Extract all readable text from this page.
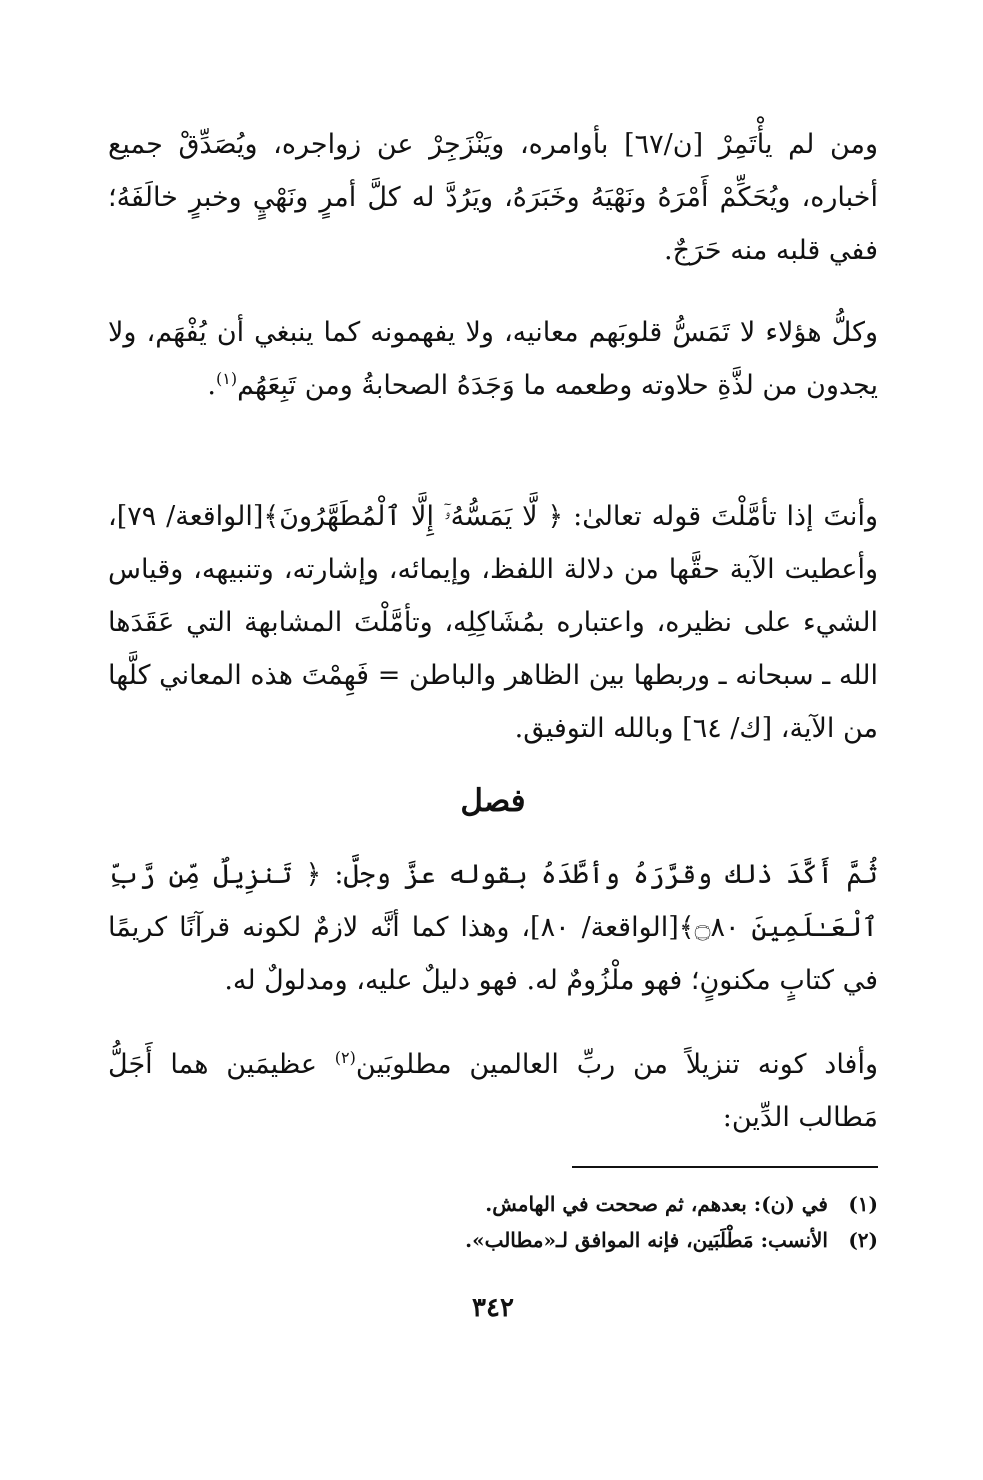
ومن لم يأْتَمِرْ [ن/٦٧] بأوامره، ويَنْزَجِرْ عن زواجره، ويُصَدِّقْ جميع أخباره، ويُحَكِّمْ أَمْرَهُ ونَهْيَهُ وخَبَرَهُ، ويَرُدَّ له كلَّ أمرٍ ونَهْيٍ وخبرٍ خالَفَهُ؛ ففي قلبه منه حَرَجٌ.

وكلُّ هؤلاء لا تَمَسُّ قلوبَهم معانيه، ولا يفهمونه كما ينبغي أن يُفْهَم، ولا يجدون من لذَّةِ حلاوته وطعمه ما وَجَدَهُ الصحابةُ ومن تَبِعَهُم$^{(١)}$.

وأنتَ إذا تأمَّلْتَ قوله تعالىٰ: ﴿ لَّا يَمَسُّهُۥٓ إِلَّا ٱلْمُطَهَّرُونَ﴾[الواقعة/ ٧٩]، وأعطيت الآية حقَّها من دلالة اللفظ، وإيمائه، وإشارته، وتنبيهه، وقياس الشيء على نظيره، واعتباره بمُشَاكِلِه، وتأمَّلْتَ المشابهة التي عَقَدَها الله ـ سبحانه ـ وربطها بين الظاهر والباطن = فَهِمْتَ هذه المعاني كلَّها من الآية، [ك/ ٦٤] وبالله التوفيق.

فصل

ثُمَّ أَكَّدَ ذلك وقرَّرَهُ وأطَّدَهُ بقوله عزَّ وجلَّ: ﴿ تَنزِيلٌ مِّن رَّبِّ ٱلْعَـٰلَمِينَ ۝٨٠﴾[الواقعة/ ٨٠]، وهذا كما أنَّه لازمٌ لكونه قرآنًا كريمًا في كتابٍ مكنونٍ؛ فهو ملْزُومٌ له. فهو دليلٌ عليه، ومدلولٌ له.

وأفاد كونه تنزيلاً من ربِّ العالمين مطلوبَين$^{(٢)}$ عظيمَين هما أَجَلُّ مَطالب الدِّين:

(١)
في (ن): بعدهم، ثم صححت في الهامش.
(٢)
الأنسب: مَطْلَبَين، فإنه الموافق لـ«مطالب».
٣٤٢
